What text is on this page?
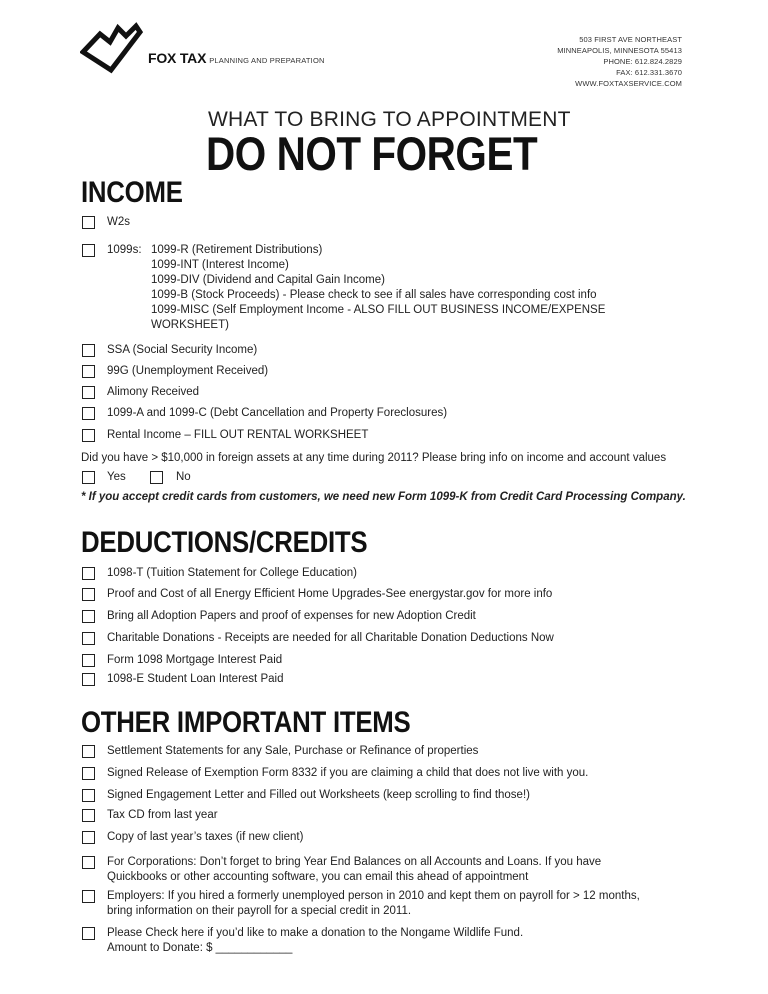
FOX TAX PLANNING AND PREPARATION
503 FIRST AVE NORTHEAST
MINNEAPOLIS, MINNESOTA 55413
PHONE: 612.824.2829
FAX: 612.331.3670
WWW.FOXTAXSERVICE.COM
WHAT TO BRING TO APPOINTMENT
DO NOT FORGET
INCOME
W2s
1099s: 1099-R (Retirement Distributions)
1099-INT (Interest Income)
1099-DIV (Dividend and Capital Gain Income)
1099-B (Stock Proceeds) - Please check to see if all sales have corresponding cost info
1099-MISC (Self Employment Income - ALSO FILL OUT BUSINESS INCOME/EXPENSE
WORKSHEET)
SSA (Social Security Income)
99G (Unemployment Received)
Alimony Received
1099-A and 1099-C (Debt Cancellation and Property Foreclosures)
Rental Income – FILL OUT RENTAL WORKSHEET
Did you have > $10,000 in foreign assets at any time during 2011? Please bring info on income and account values
Yes	No
* If you accept credit cards from customers, we need new Form 1099-K from Credit Card Processing Company.
DEDUCTIONS/CREDITS
1098-T (Tuition Statement for College Education)
Proof and Cost of all Energy Efficient Home Upgrades-See energystar.gov for more info
Bring all Adoption Papers and proof of expenses for new Adoption Credit
Charitable Donations - Receipts are needed for all Charitable Donation Deductions Now
Form 1098 Mortgage Interest Paid
1098-E Student Loan Interest Paid
OTHER IMPORTANT ITEMS
Settlement Statements for any Sale, Purchase or Refinance of properties
Signed Release of Exemption Form 8332 if you are claiming a child that does not live with you.
Signed Engagement Letter and Filled out Worksheets (keep scrolling to find those!)
Tax CD from last year
Copy of last year’s taxes (if new client)
For Corporations: Don’t forget to bring Year End Balances on all Accounts and Loans. If you have
Quickbooks or other accounting software, you can email this ahead of appointment
Employers: If you hired a formerly unemployed person in 2010 and kept them on payroll for > 12 months,
bring information on their payroll for a special credit in 2011.
Please Check here if you’d like to make a donation to the Nongame Wildlife Fund.
Amount to Donate: $ ____________
